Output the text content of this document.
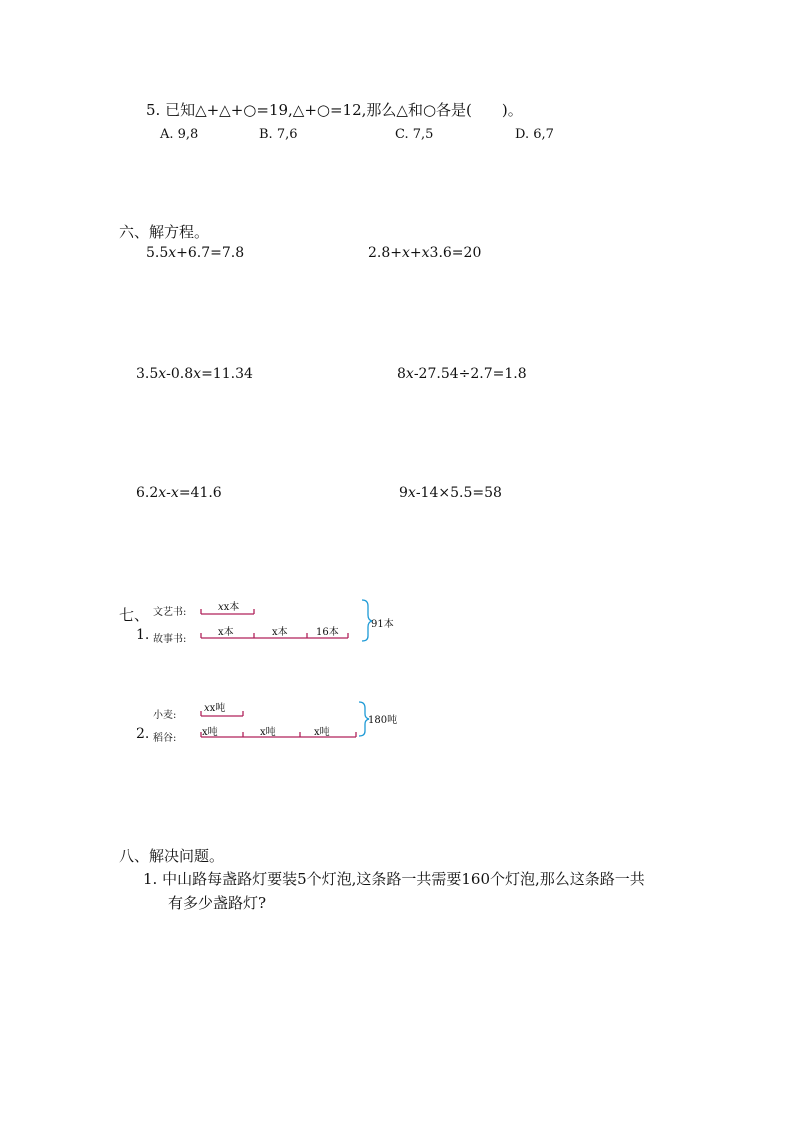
5. 已知△+△+○=19,△+○=12,那么△和○各是(　　)。
A. 9,8	B. 7,6	C. 7,5	D. 6,7
六、解方程。
5.5x+6.7=7.8	2.8+x+x3.6=20
3.5x-0.8x=11.34	8x-27.54÷2.7=1.8
6.2x-x=41.6	9x-14×5.5=58
七、 文艺书:
1. 故事书:
xx本
x本	x本	16本
91本
小麦:
2. 稻谷:
xx吨
x吨	x吨	x吨
180吨
八、解决问题。
1. 中山路每盏路灯要装5个灯泡,这条路一共需要160个灯泡,那么这条路一共
有多少盏路灯?
